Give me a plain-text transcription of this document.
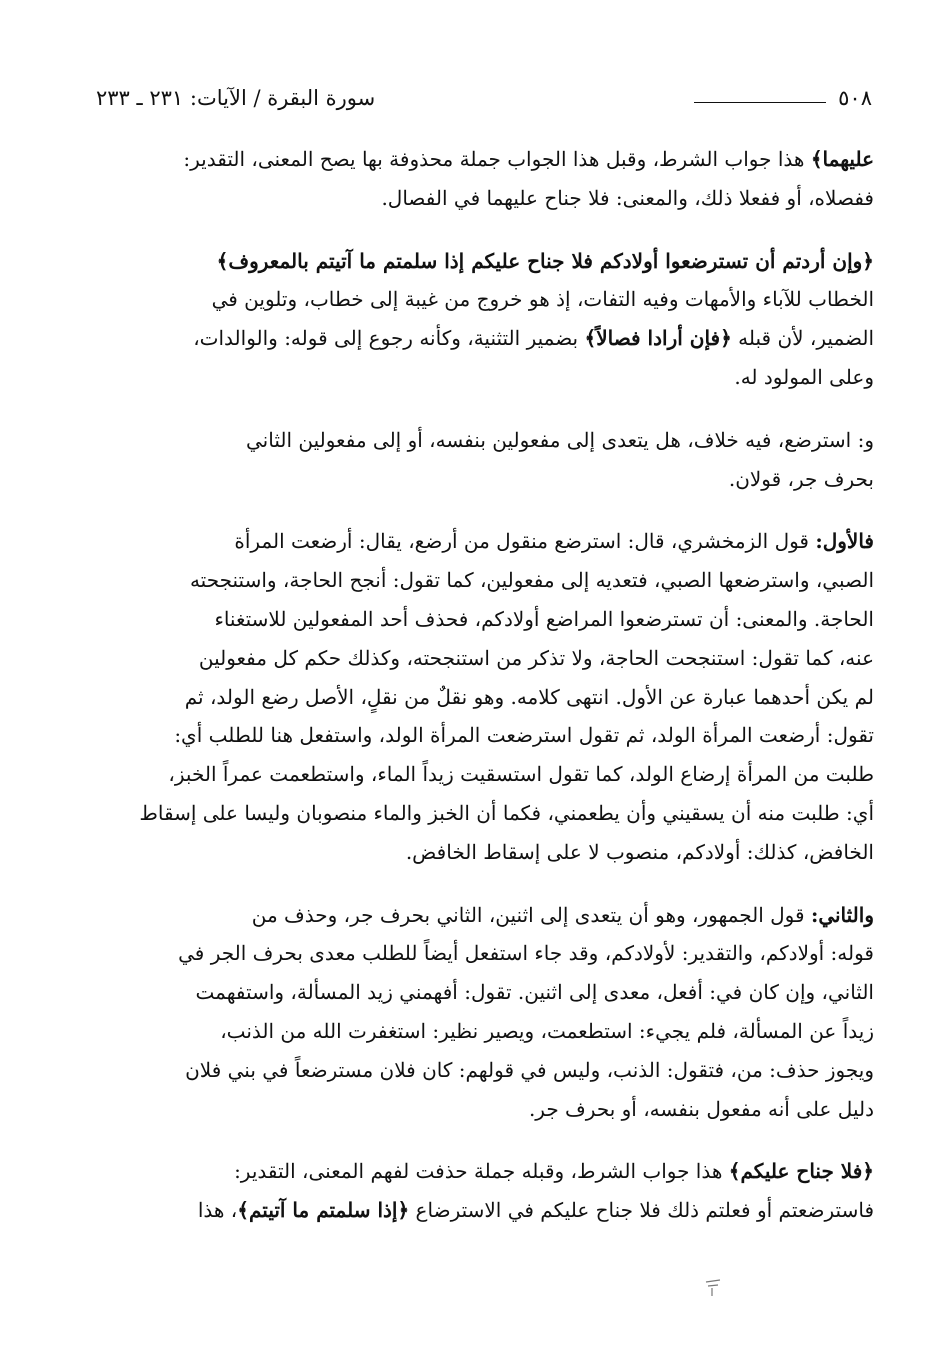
٥٠٨
سورة البقرة / الآيات: ٢٣١ ـ ٢٣٣
عليهما﴾ هذا جواب الشرط، وقبل هذا الجواب جملة محذوفة بها يصح المعنى، التقدير:
ففصلاه، أو ففعلا ذلك، والمعنى: فلا جناح عليهما في الفصال.
﴿وإن أردتم أن تسترضعوا أولادكم فلا جناح عليكم إذا سلمتم ما آتيتم بالمعروف﴾
الخطاب للآباء والأمهات وفيه التفات، إذ هو خروج من غيبة إلى خطاب، وتلوين في
الضمير، لأن قبله ﴿فإن أرادا فصالاً﴾ بضمير التثنية، وكأنه رجوع إلى قوله: والوالدات،
وعلى المولود له.
و: استرضع، فيه خلاف، هل يتعدى إلى مفعولين بنفسه، أو إلى مفعولين الثاني
بحرف جر، قولان.
فالأول: قول الزمخشري، قال: استرضع منقول من أرضع، يقال: أرضعت المرأة
الصبي، واسترضعها الصبي، فتعديه إلى مفعولين، كما تقول: أنجح الحاجة، واستنجحته
الحاجة. والمعنى: أن تسترضعوا المراضع أولادكم، فحذف أحد المفعولين للاستغناء
عنه، كما تقول: استنجحت الحاجة، ولا تذكر من استنجحته، وكذلك حكم كل مفعولين
لم يكن أحدهما عبارة عن الأول. انتهى كلامه. وهو نقلٌ من نقلٍ، الأصل رضع الولد، ثم
تقول: أرضعت المرأة الولد، ثم تقول استرضعت المرأة الولد، واستفعل هنا للطلب أي:
طلبت من المرأة إرضاع الولد، كما تقول استسقيت زيداً الماء، واستطعمت عمراً الخبز،
أي: طلبت منه أن يسقيني وأن يطعمني، فكما أن الخبز والماء منصوبان وليسا على إسقاط
الخافض، كذلك: أولادكم، منصوب لا على إسقاط الخافض.
والثاني: قول الجمهور، وهو أن يتعدى إلى اثنين، الثاني بحرف جر، وحذف من
قوله: أولادكم، والتقدير: لأولادكم، وقد جاء استفعل أيضاً للطلب معدى بحرف الجر في
الثاني، وإن كان في: أفعل، معدى إلى اثنين. تقول: أفهمني زيد المسألة، واستفهمت
زيداً عن المسألة، فلم يجيء: استطعمت، ويصير نظير: استغفرت الله من الذنب،
ويجوز حذف: من، فتقول: الذنب، وليس في قولهم: كان فلان مسترضعاً في بني فلان
دليل على أنه مفعول بنفسه، أو بحرف جر.
﴿فلا جناح عليكم﴾ هذا جواب الشرط، وقبله جملة حذفت لفهم المعنى، التقدير:
فاسترضعتم أو فعلتم ذلك فلا جناح عليكم في الاسترضاع ﴿إذا سلمتم ما آتيتم﴾، هذا
